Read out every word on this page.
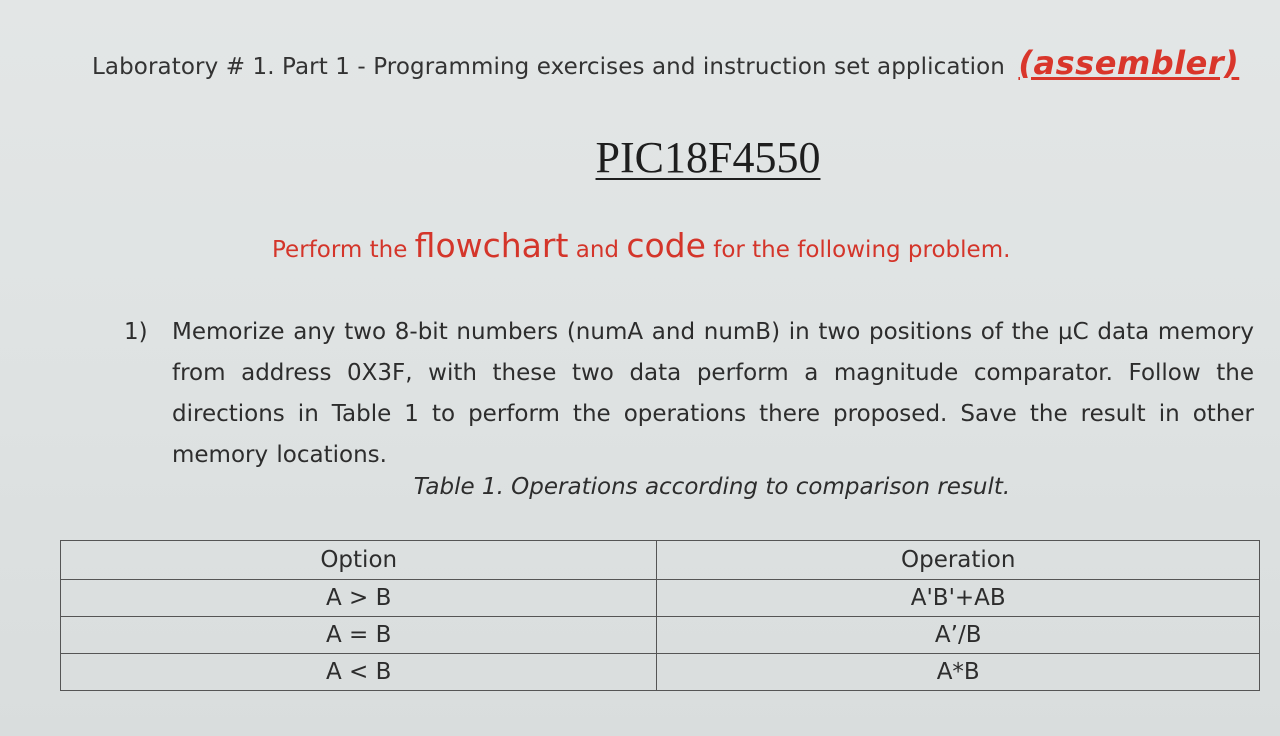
Laboratory # 1. Part 1 - Programming exercises and instruction set application (assembler)
PIC18F4550
Perform the flowchart and code for the following problem.
1) Memorize any two 8-bit numbers (numA and numB) in two positions of the µC data memory from address 0X3F, with these two data perform a magnitude comparator. Follow the directions in Table 1 to perform the operations there proposed. Save the result in other memory locations.
Table 1. Operations according to comparison result.
Option	Operation
A > B	A'B'+AB
A = B	A’/B
A < B	A*B
